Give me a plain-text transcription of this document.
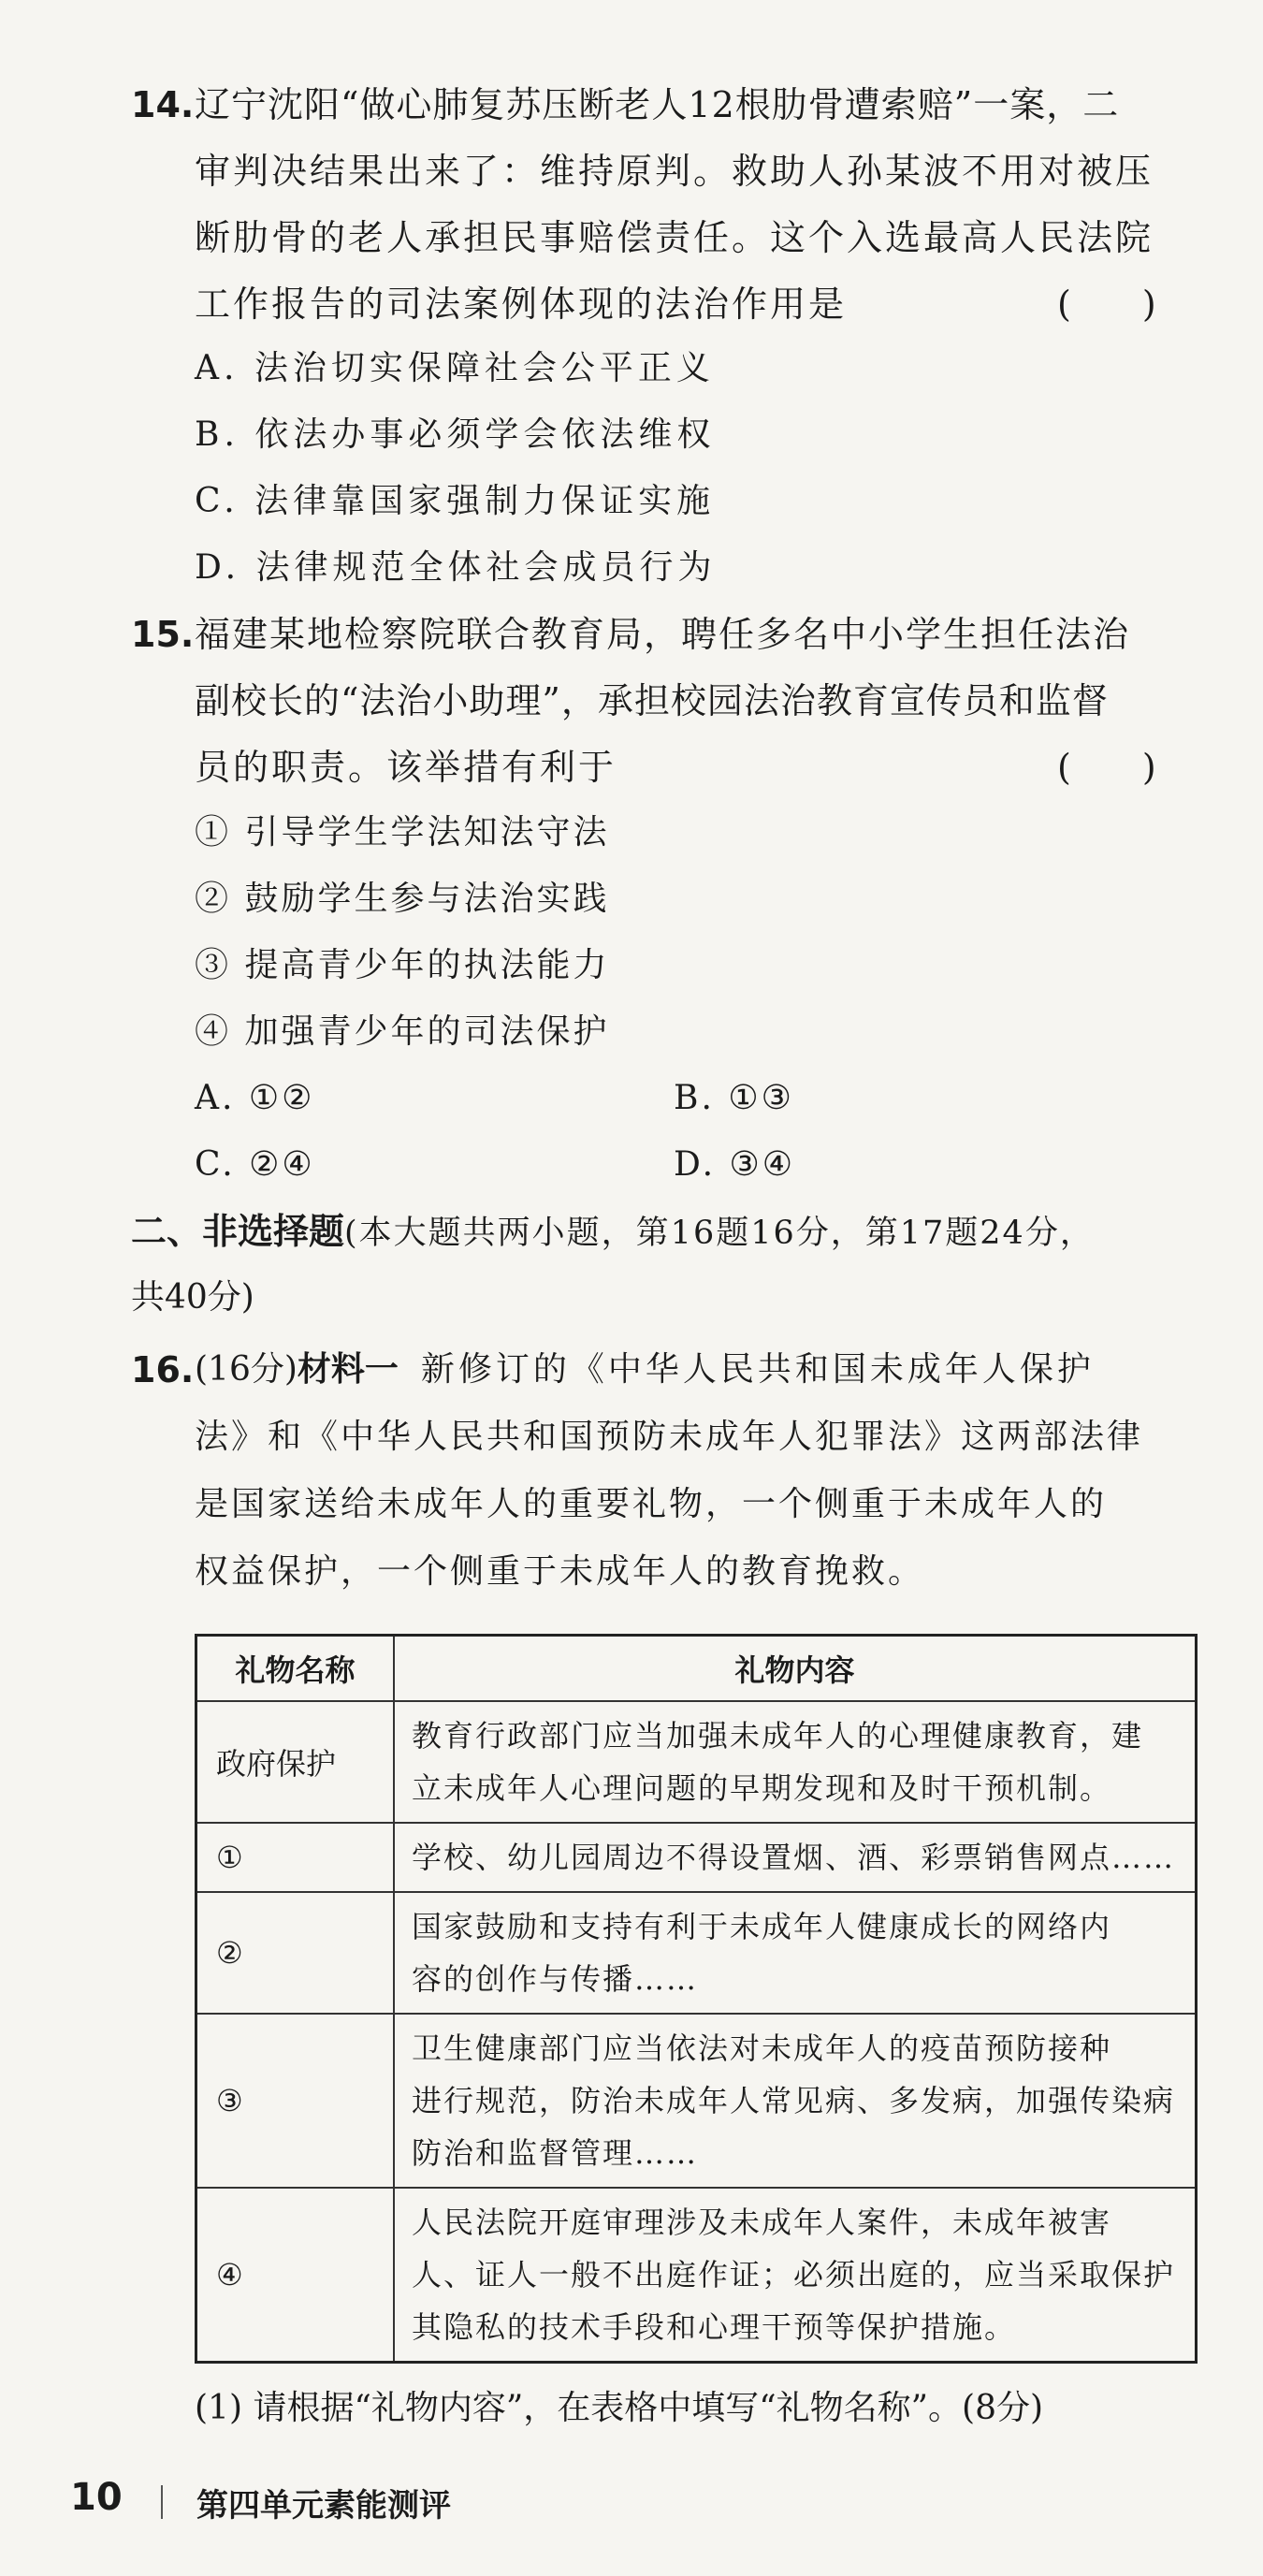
14. 辽宁沈阳“做心肺复苏压断老人12根肋骨遭索赔”一案，二
审判决结果出来了：维持原判。救助人孙某波不用对被压
断肋骨的老人承担民事赔偿责任。这个入选最高人民法院
工作报告的司法案例体现的法治作用是	(　　)
A. 法治切实保障社会公平正义
B. 依法办事必须学会依法维权
C. 法律靠国家强制力保证实施
D. 法律规范全体社会成员行为
15. 福建某地检察院联合教育局，聘任多名中小学生担任法治
副校长的“法治小助理”，承担校园法治教育宣传员和监督
员的职责。该举措有利于	(　　)
① 引导学生学法知法守法
② 鼓励学生参与法治实践
③ 提高青少年的执法能力
④ 加强青少年的司法保护
A. ①②	B. ①③
C. ②④	D. ③④
二、非选择题(本大题共两小题，第16题16分，第17题24分，
共40分)
16. (16分)材料一 新修订的《中华人民共和国未成年人保护
法》和《中华人民共和国预防未成年人犯罪法》这两部法律
是国家送给未成年人的重要礼物，一个侧重于未成年人的
权益保护，一个侧重于未成年人的教育挽救。
礼物名称	礼物内容
政府保护	教育行政部门应当加强未成年人的心理健康教育，建
立未成年人心理问题的早期发现和及时干预机制。

①	学校、幼儿园周边不得设置烟、酒、彩票销售网点……

②	国家鼓励和支持有利于未成年人健康成长的网络内
容的创作与传播……

③	卫生健康部门应当依法对未成年人的疫苗预防接种
进行规范，防治未成年人常见病、多发病，加强传染病
防治和监督管理……

④	人民法院开庭审理涉及未成年人案件，未成年被害
人、证人一般不出庭作证；必须出庭的，应当采取保护
其隐私的技术手段和心理干预等保护措施。
(1) 请根据“礼物内容”，在表格中填写“礼物名称”。(8分)
10 第四单元素能测评
